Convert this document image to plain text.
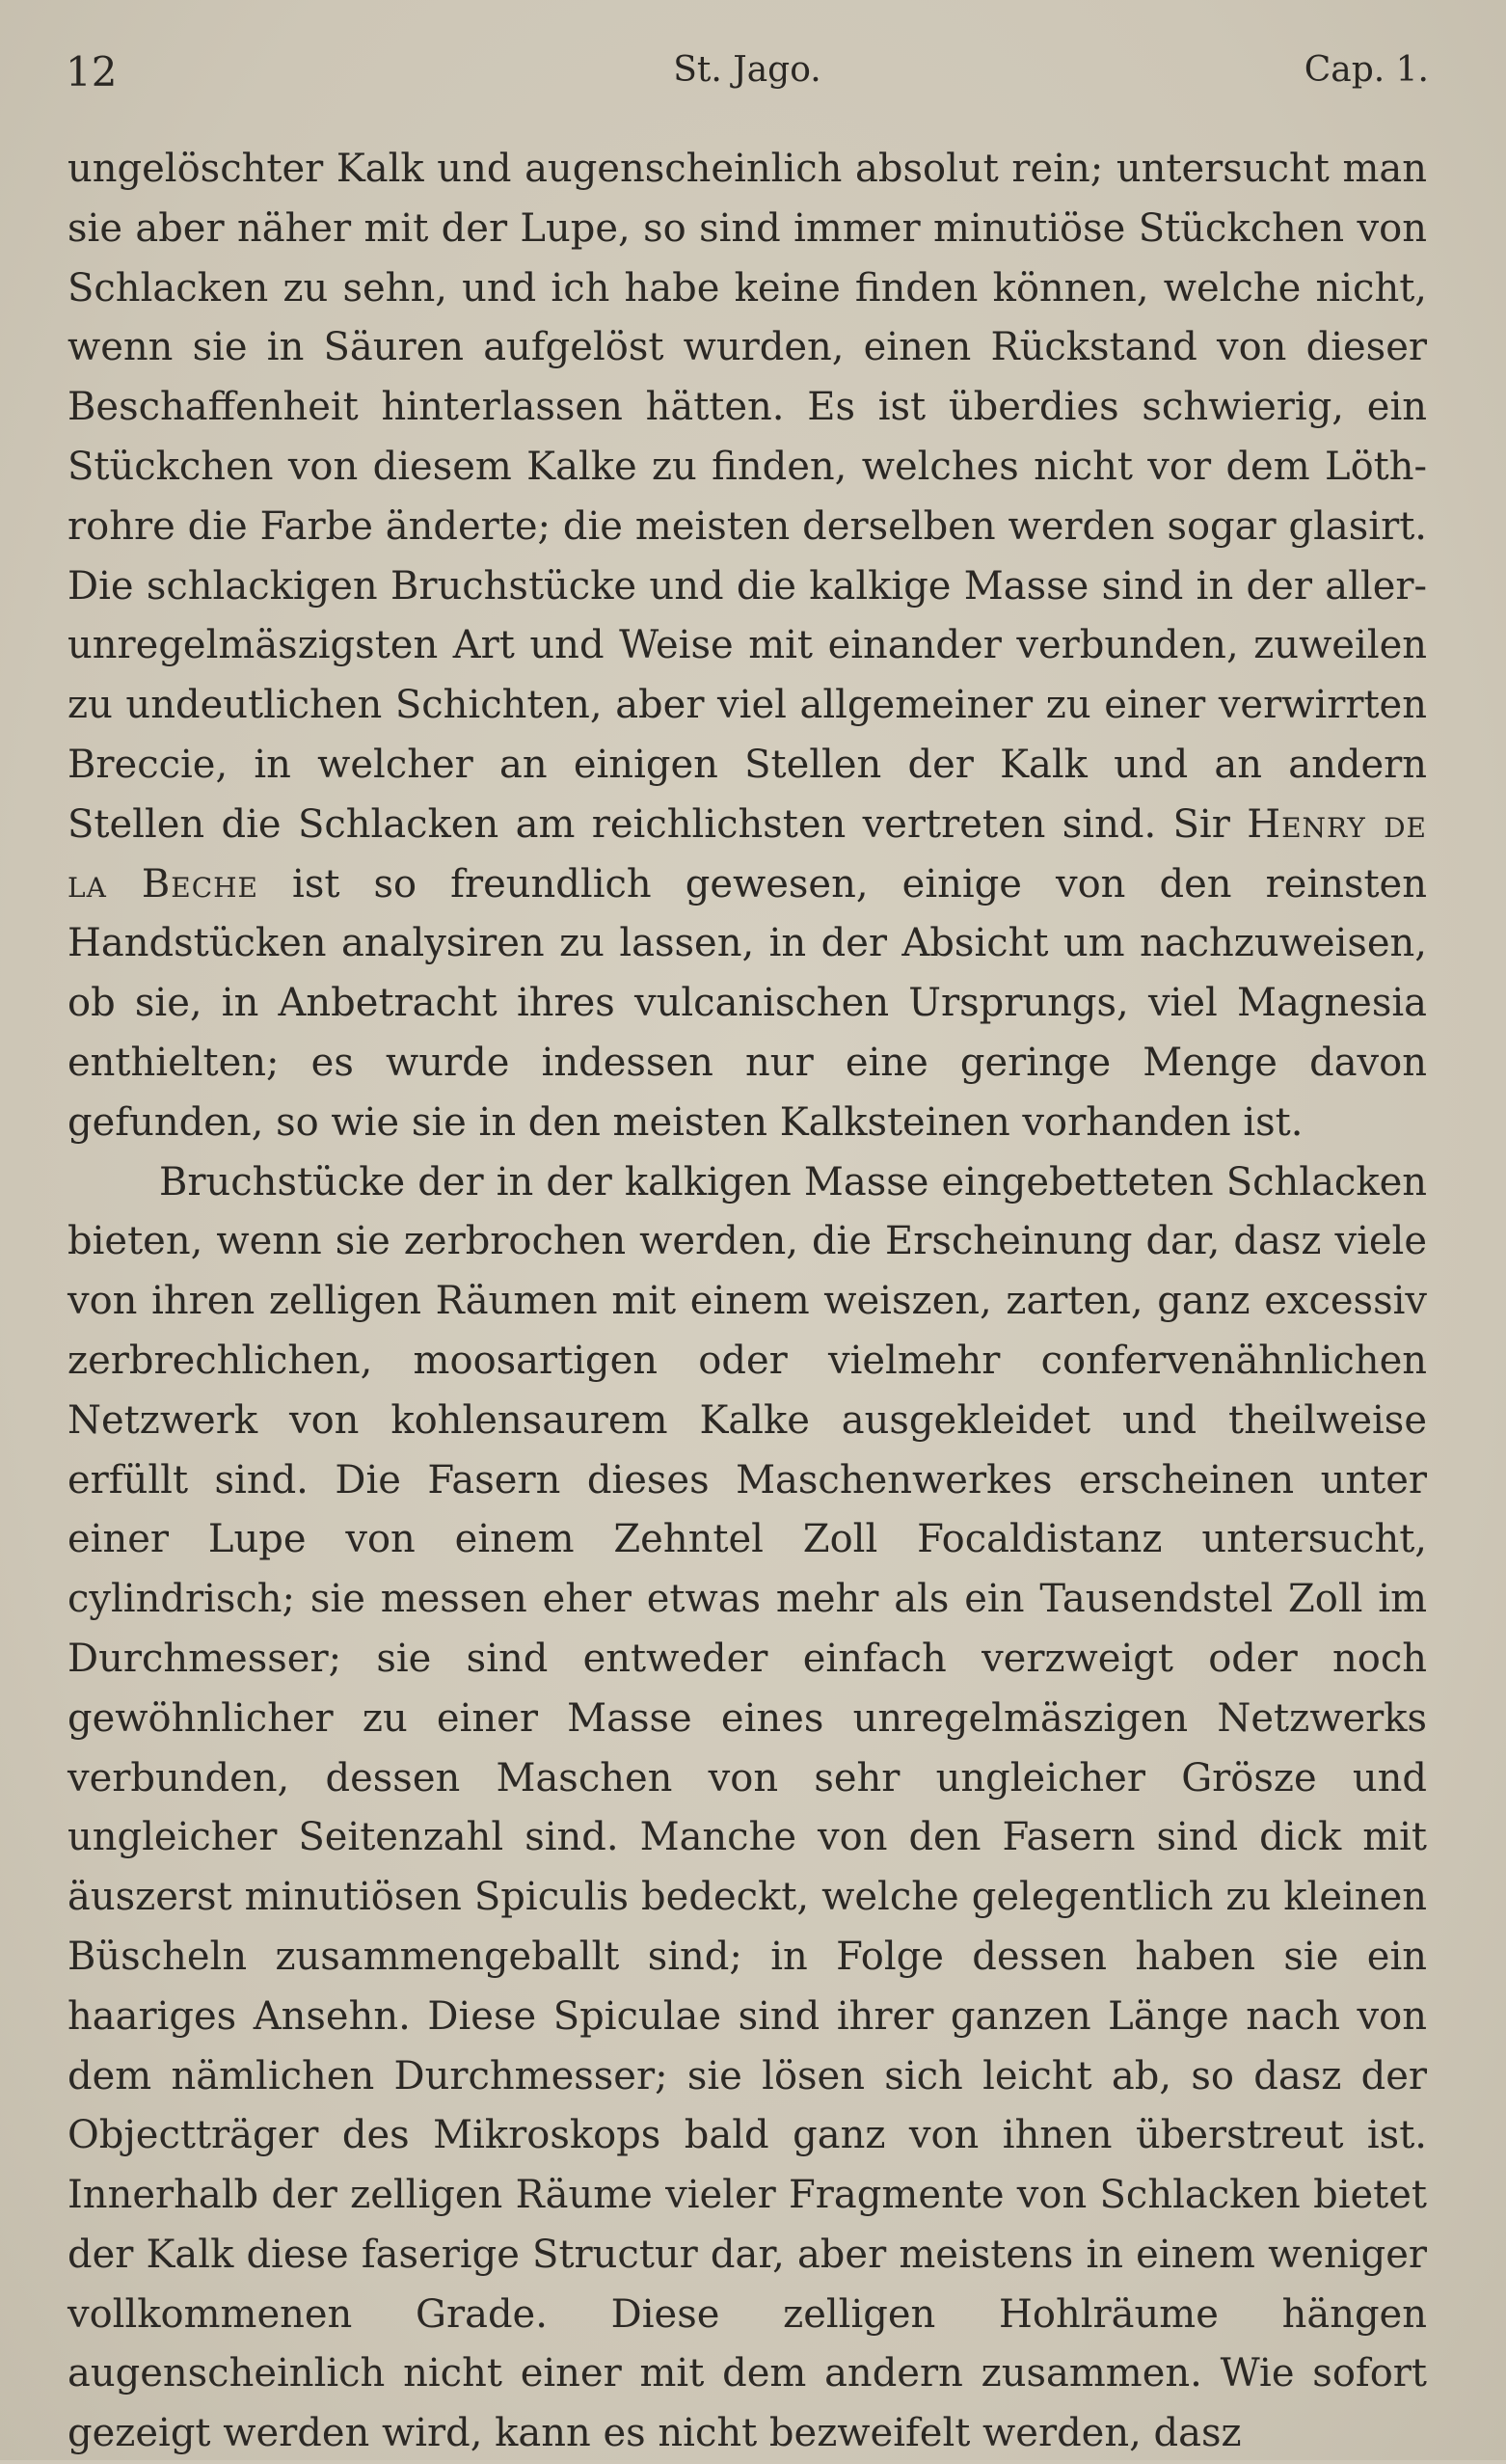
12	St. Jago.	Cap. 1.

ungelöschter Kalk und augenscheinlich absolut rein; untersucht man sie aber näher mit der Lupe, so sind immer minutiöse Stückchen von Schlacken zu sehn, und ich habe keine finden können, welche nicht, wenn sie in Säuren aufgelöst wurden, einen Rückstand von dieser Beschaffenheit hinterlassen hätten. Es ist überdies schwierig, ein Stückchen von diesem Kalke zu finden, welches nicht vor dem Löthrohre die Farbe änderte; die meisten derselben werden sogar glasirt. Die schlackigen Bruchstücke und die kalkige Masse sind in der allerunregelmäszigsten Art und Weise mit einander verbunden, zuweilen zu undeutlichen Schichten, aber viel allgemeiner zu einer verwirrten Breccie, in welcher an einigen Stellen der Kalk und an andern Stellen die Schlacken am reichlichsten vertreten sind. Sir Henry de la Beche ist so freundlich gewesen, einige von den reinsten Handstücken analysiren zu lassen, in der Absicht um nachzuweisen, ob sie, in Anbetracht ihres vulcanischen Ursprungs, viel Magnesia enthielten; es wurde indessen nur eine geringe Menge davon gefunden, so wie sie in den meisten Kalksteinen vorhanden ist.

Bruchstücke der in der kalkigen Masse eingebetteten Schlacken bieten, wenn sie zerbrochen werden, die Erscheinung dar, dasz viele von ihren zelligen Räumen mit einem weiszen, zarten, ganz excessiv zerbrechlichen, moosartigen oder vielmehr confervenähnlichen Netzwerk von kohlensaurem Kalke ausgekleidet und theilweise erfüllt sind. Die Fasern dieses Maschenwerkes erscheinen unter einer Lupe von einem Zehntel Zoll Focaldistanz untersucht, cylindrisch; sie messen eher etwas mehr als ein Tausendstel Zoll im Durchmesser; sie sind entweder einfach verzweigt oder noch gewöhnlicher zu einer Masse eines unregelmäszigen Netzwerks verbunden, dessen Maschen von sehr ungleicher Grösze und ungleicher Seitenzahl sind. Manche von den Fasern sind dick mit äuszerst minutiösen Spiculis bedeckt, welche gelegentlich zu kleinen Büscheln zusammengeballt sind; in Folge dessen haben sie ein haariges Ansehn. Diese Spiculae sind ihrer ganzen Länge nach von dem nämlichen Durchmesser; sie lösen sich leicht ab, so dasz der Objectträger des Mikroskops bald ganz von ihnen überstreut ist. Innerhalb der zelligen Räume vieler Fragmente von Schlacken bietet der Kalk diese faserige Structur dar, aber meistens in einem weniger vollkommenen Grade. Diese zelligen Hohlräume hängen augenscheinlich nicht einer mit dem andern zusammen. Wie sofort gezeigt werden wird, kann es nicht bezweifelt werden, dasz
